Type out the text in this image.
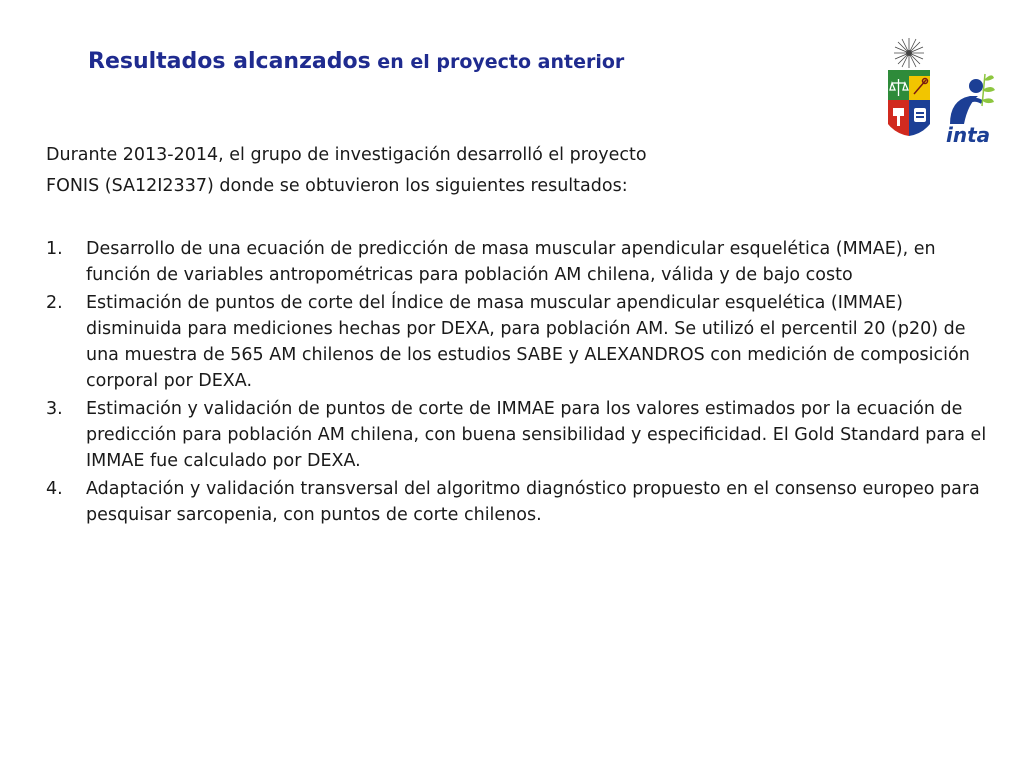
Resultados alcanzados en el proyecto anterior
inta

Durante 2013-2014, el grupo de investigación desarrolló el proyecto

FONIS (SA12I2337) donde se obtuvieron los siguientes resultados:

1. Desarrollo de una ecuación de predicción de masa muscular apendicular esquelética (MMAE), en función de variables antropométricas para población AM chilena, válida y de bajo costo
2. Estimación de puntos de corte del Índice de masa muscular apendicular esquelética (IMMAE) disminuida para mediciones hechas por DEXA, para población AM. Se utilizó el percentil 20 (p20) de una muestra de 565 AM chilenos de los estudios SABE y ALEXANDROS con medición de composición corporal por DEXA.
3. Estimación y validación de puntos de corte de IMMAE para los valores estimados por la ecuación de predicción para población AM chilena, con buena sensibilidad y especificidad. El Gold Standard para el IMMAE fue calculado por DEXA.
4. Adaptación y validación transversal del algoritmo diagnóstico propuesto en el consenso europeo para pesquisar sarcopenia, con puntos de corte chilenos.
